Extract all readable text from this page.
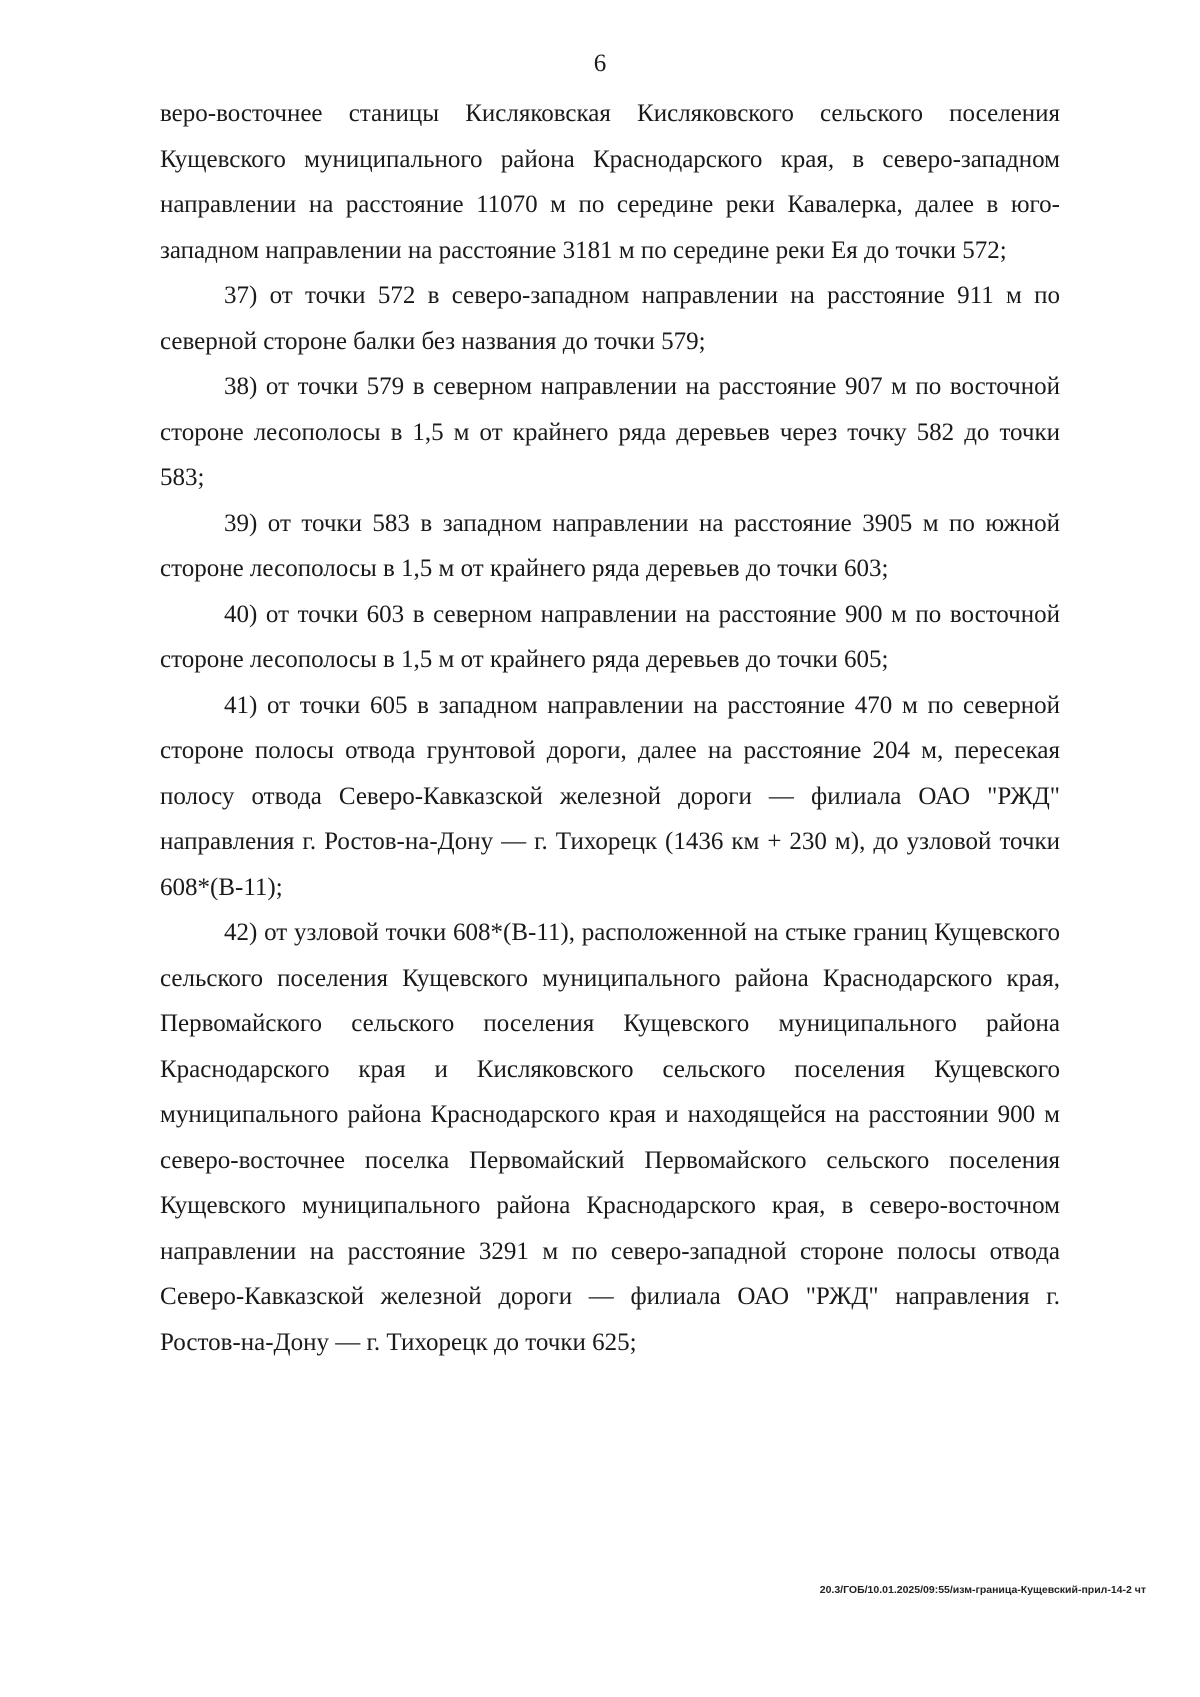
6

веро-восточнее станицы Кисляковская Кисляковского сельского поселения Кущевского муниципального района Краснодарского края, в северо-западном направлении на расстояние 11070 м по середине реки Кавалерка, далее в юго-западном направлении на расстояние 3181 м по середине реки Ея до точки 572;

37) от точки 572 в северо-западном направлении на расстояние 911 м по северной стороне балки без названия до точки 579;

38) от точки 579 в северном направлении на расстояние 907 м по восточной стороне лесополосы в 1,5 м от крайнего ряда деревьев через точку 582 до точки 583;

39) от точки 583 в западном направлении на расстояние 3905 м по южной стороне лесополосы в 1,5 м от крайнего ряда деревьев до точки 603;

40) от точки 603 в северном направлении на расстояние 900 м по восточной стороне лесополосы в 1,5 м от крайнего ряда деревьев до точки 605;

41) от точки 605 в западном направлении на расстояние 470 м по северной стороне полосы отвода грунтовой дороги, далее на расстояние 204 м, пересекая полосу отвода Северо-Кавказской железной дороги — филиала ОАО "РЖД" направления г. Ростов-на-Дону — г. Тихорецк (1436 км + 230 м), до узловой точки 608*(В-11);

42) от узловой точки 608*(В-11), расположенной на стыке границ Кущевского сельского поселения Кущевского муниципального района Краснодарского края, Первомайского сельского поселения Кущевского муниципального района Краснодарского края и Кисляковского сельского поселения Кущевского муниципального района Краснодарского края и находящейся на расстоянии 900 м северо-восточнее поселка Первомайский Первомайского сельского поселения Кущевского муниципального района Краснодарского края, в северо-восточном направлении на расстояние 3291 м по северо-западной стороне полосы отвода Северо-Кавказской железной дороги — филиала ОАО "РЖД" направления г. Ростов-на-Дону — г. Тихорецк до точки 625;

20.3/ГОБ/10.01.2025/09:55/изм-граница-Кущевский-прил-14-2 чт
